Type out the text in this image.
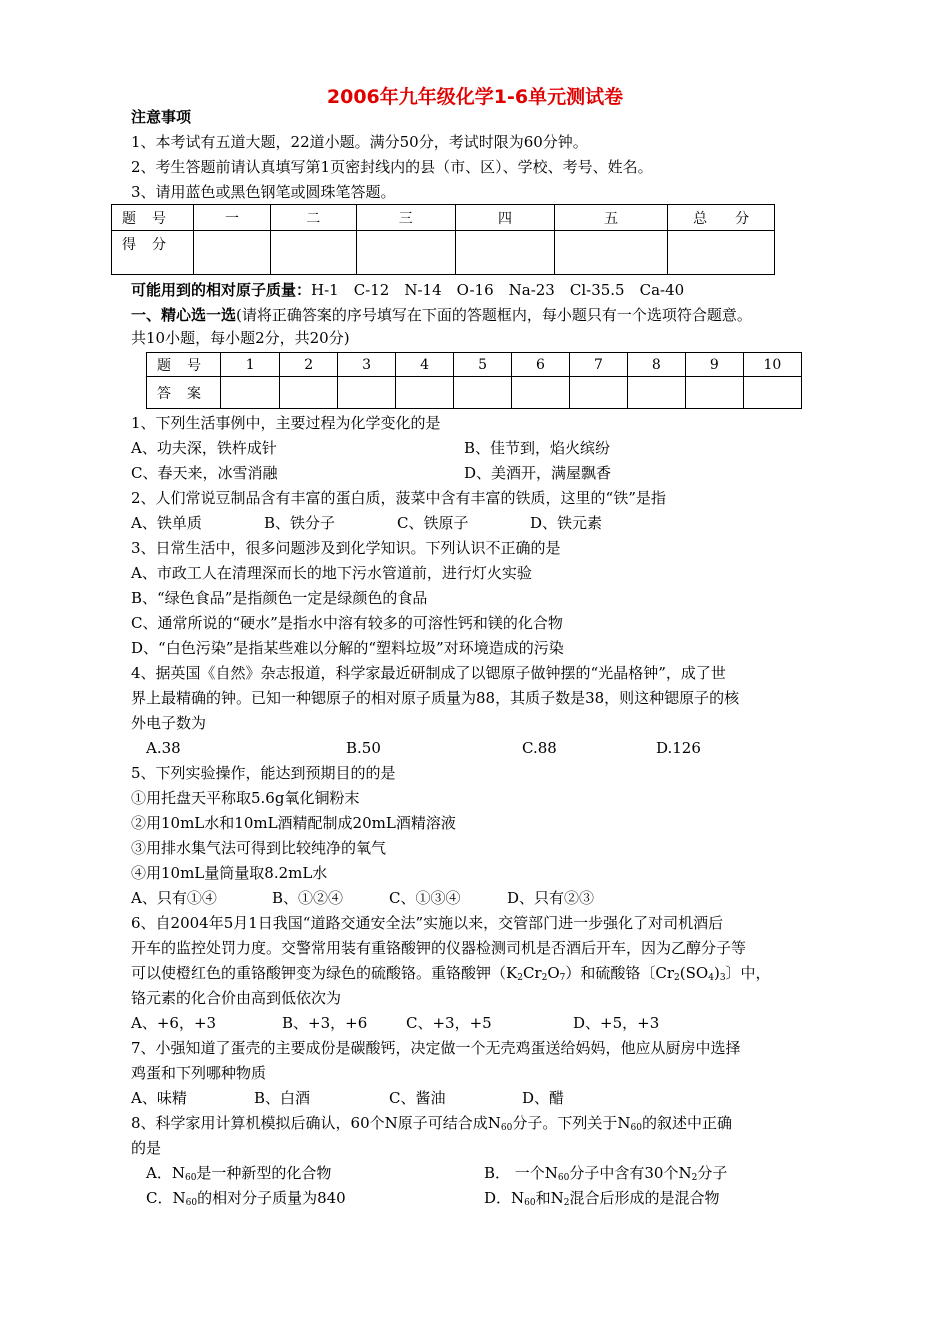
2006年九年级化学1-6单元测试卷
注意事项
1、本考试有五道大题，22道小题。满分50分，考试时限为60分钟。
2、考生答题前请认真填写第1页密封线内的县（市、区）、学校、考号、姓名。
3、请用蓝色或黑色钢笔或圆珠笔答题。
题　号	一	二	三	四	五	总　　分
得　分						
可能用到的相对原子质量：H-1　C-12　N-14　O-16　Na-23　Cl-35.5　Ca-40
一、精心选一选(请将正确答案的序号填写在下面的答题框内，每小题只有一个选项符合题意。
共10小题，每小题2分，共20分)
题　号	1	2	3	4	5	6	7	8	9	10
答　案										
1、下列生活事例中，主要过程为化学变化的是
A、功夫深，铁杵成针	B、佳节到，焰火缤纷
C、春天来，冰雪消融	D、美酒开，满屋飘香
2、人们常说豆制品含有丰富的蛋白质，菠菜中含有丰富的铁质，这里的“铁”是指
A、铁单质	B、铁分子	C、铁原子	D、铁元素
3、日常生活中，很多问题涉及到化学知识。下列认识不正确的是
A、市政工人在清理深而长的地下污水管道前，进行灯火实验
B、“绿色食品”是指颜色一定是绿颜色的食品
C、通常所说的“硬水”是指水中溶有较多的可溶性钙和镁的化合物
D、“白色污染”是指某些难以分解的“塑料垃圾”对环境造成的污染
4、据英国《自然》杂志报道，科学家最近研制成了以锶原子做钟摆的“光晶格钟”，成了世
界上最精确的钟。已知一种锶原子的相对原子质量为88，其质子数是38，则这种锶原子的核
外电子数为
A.38	B.50	C.88	D.126
5、下列实验操作，能达到预期目的的是
①用托盘天平称取5.6g氧化铜粉末
②用10mL水和10mL酒精配制成20mL酒精溶液
③用排水集气法可得到比较纯净的氧气
④用10mL量筒量取8.2mL水
A、只有①④	B、①②④	C、①③④	D、只有②③
6、自2004年5月1日我国“道路交通安全法”实施以来，交管部门进一步强化了对司机酒后
开车的监控处罚力度。交警常用装有重铬酸钾的仪器检测司机是否酒后开车，因为乙醇分子等
可以使橙红色的重铬酸钾变为绿色的硫酸铬。重铬酸钾$(K_2Cr_2O_7)$和硫酸铬〔$Cr_2(SO_4)_3$〕中，
铬元素的化合价由高到低依次为
A、+6，+3	B、+3，+6	C、+3，+5	D、+5，+3
7、小强知道了蛋壳的主要成份是碳酸钙，决定做一个无壳鸡蛋送给妈妈，他应从厨房中选择
鸡蛋和下列哪种物质
A、味精	B、白酒	C、酱油	D、醋
8、科学家用计算机模拟后确认，60个N原子可结合成$N_{60}$分子。下列关于$N_{60}$的叙述中正确
的是
A．$N_{60}$是一种新型的化合物	B． 一个$N_{60}$分子中含有30个$N_2$分子
C．$N_{60}$的相对分子质量为840	D．$N_{60}$和$N_2$混合后形成的是混合物
